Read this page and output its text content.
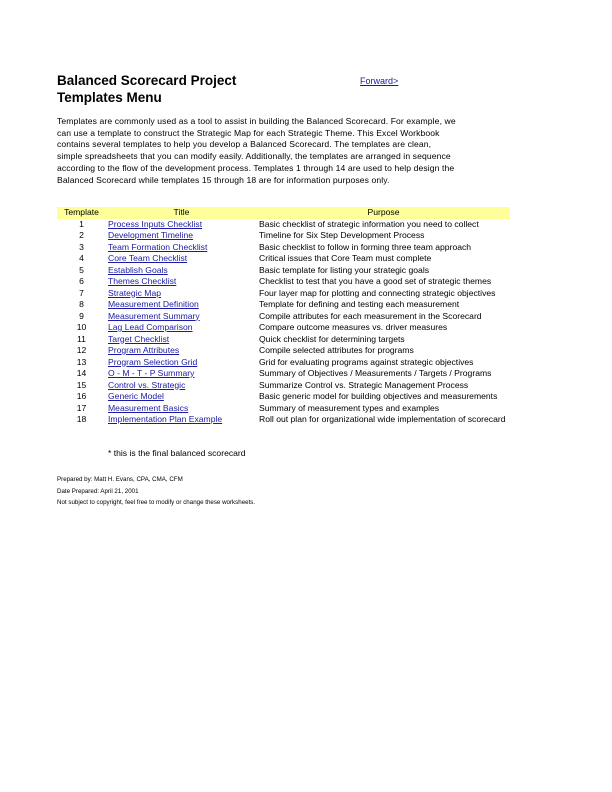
Balanced Scorecard Project
Templates Menu
Forward>
Templates are commonly used as a tool to assist in building the Balanced Scorecard. For example, we can use a template to construct the Strategic Map for each Strategic Theme. This Excel Workbook contains several templates to help you develop a Balanced Scorecard. The templates are clean, simple spreadsheets that you can modify easily. Additionally, the templates are arranged in sequence according to the flow of the development process. Templates 1 through 14 are used to help design the Balanced Scorecard while templates 15 through 18 are for information purposes only.
Template	Title	Purpose
1	Process Inputs Checklist	Basic checklist of strategic information you need to collect
2	Development Timeline	Timeline for Six Step Development Process
3	Team Formation Checklist	Basic checklist to follow in forming three team approach
4	Core Team Checklist	Critical issues that Core Team must complete
5	Establish Goals	Basic template for listing your strategic goals
6	Themes Checklist	Checklist to test that you have a good set of strategic themes
7	Strategic Map	Four layer map for plotting and connecting strategic objectives
8	Measurement Definition	Template for defining and testing each measurement
9	Measurement Summary	Compile attributes for each measurement in the Scorecard
10	Lag Lead Comparison	Compare outcome measures vs. driver measures
11	Target Checklist	Quick checklist for determining targets
12	Program Attributes	Compile selected attributes for programs
13	Program Selection Grid	Grid for evaluating programs against strategic objectives
14	O - M - T - P Summary	Summary of Objectives / Measurements / Targets / Programs
15	Control vs. Strategic	Summarize Control vs. Strategic Management Process
16	Generic Model	Basic generic model for building objectives and measurements
17	Measurement Basics	Summary of measurement types and examples
18	Implementation Plan Example	Roll out plan for organizational wide implementation of scorecard
* this is the final balanced scorecard
Prepared by: Matt H. Evans, CPA, CMA, CFM
Date Prepared: April 21, 2001
Not subject to copyright, feel free to modify or change these worksheets.
